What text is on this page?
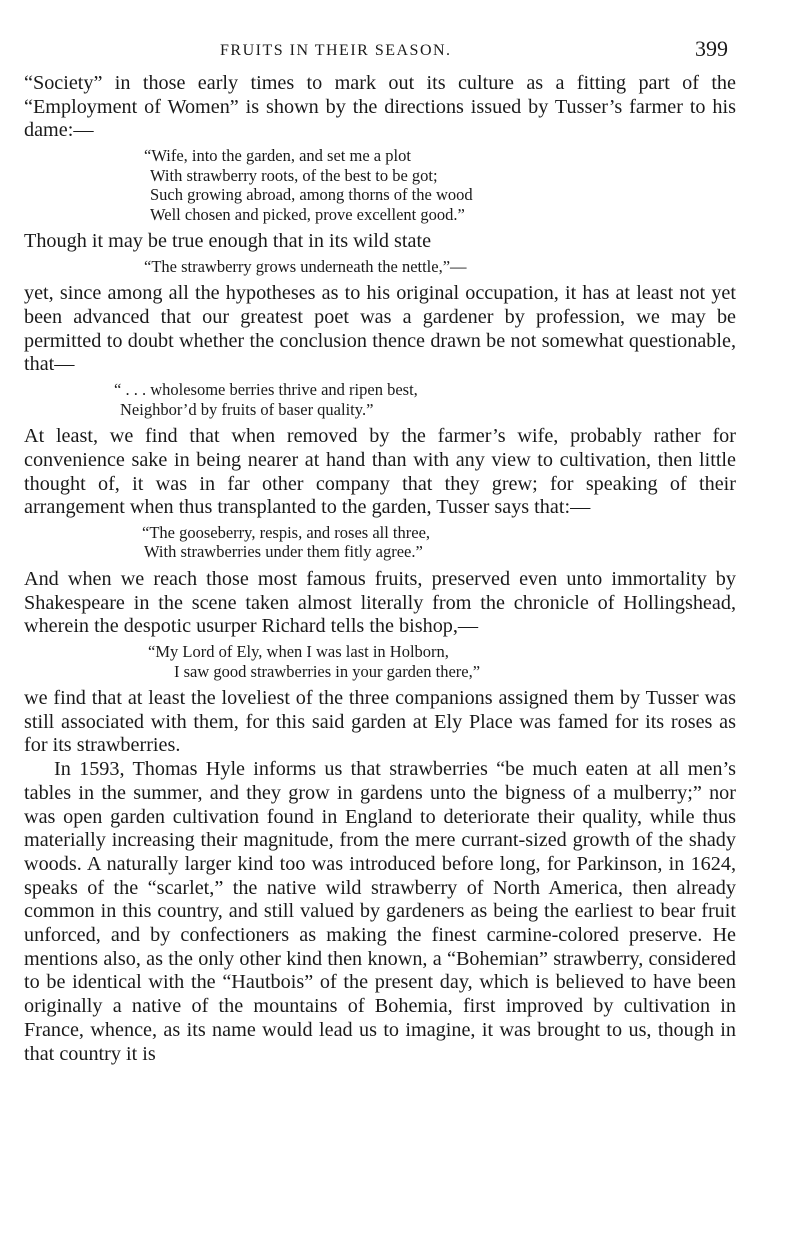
FRUITS IN THEIR SEASON.	399

“Society” in those early times to mark out its culture as a fitting part of the “Employment of Women” is shown by the directions issued by Tusser’s farmer to his dame:—

“Wife, into the garden, and set me a plot
With strawberry roots, of the best to be got;
Such growing abroad, among thorns of the wood
Well chosen and picked, prove excellent good.”

Though it may be true enough that in its wild state

“The strawberry grows underneath the nettle,”—

yet, since among all the hypotheses as to his original occupation, it has at least not yet been advanced that our greatest poet was a gardener by profession, we may be permitted to doubt whether the conclusion thence drawn be not somewhat questionable, that—

“ . . . wholesome berries thrive and ripen best,
Neighbor’d by fruits of baser quality.”

At least, we find that when removed by the farmer’s wife, probably rather for convenience sake in being nearer at hand than with any view to cultivation, then little thought of, it was in far other company that they grew; for speaking of their arrangement when thus transplanted to the garden, Tusser says that:—

“The gooseberry, respis, and roses all three,
With strawberries under them fitly agree.”

And when we reach those most famous fruits, preserved even unto immortality by Shakespeare in the scene taken almost literally from the chronicle of Hollingshead, wherein the despotic usurper Richard tells the bishop,—

“My Lord of Ely, when I was last in Holborn,
I saw good strawberries in your garden there,”

we find that at least the loveliest of the three companions assigned them by Tusser was still associated with them, for this said garden at Ely Place was famed for its roses as for its strawberries.

In 1593, Thomas Hyle informs us that strawberries “be much eaten at all men’s tables in the summer, and they grow in gardens unto the bigness of a mulberry;” nor was open garden cultivation found in England to deteriorate their quality, while thus materially increasing their magnitude, from the mere currant-sized growth of the shady woods. A naturally larger kind too was introduced before long, for Parkinson, in 1624, speaks of the “scarlet,” the native wild strawberry of North America, then already common in this country, and still valued by gardeners as being the earliest to bear fruit unforced, and by confectioners as making the finest carmine-colored preserve. He mentions also, as the only other kind then known, a “Bohemian” strawberry, considered to be identical with the “Hautbois” of the present day, which is believed to have been originally a native of the mountains of Bohemia, first improved by cultivation in France, whence, as its name would lead us to imagine, it was brought to us, though in that country it is
